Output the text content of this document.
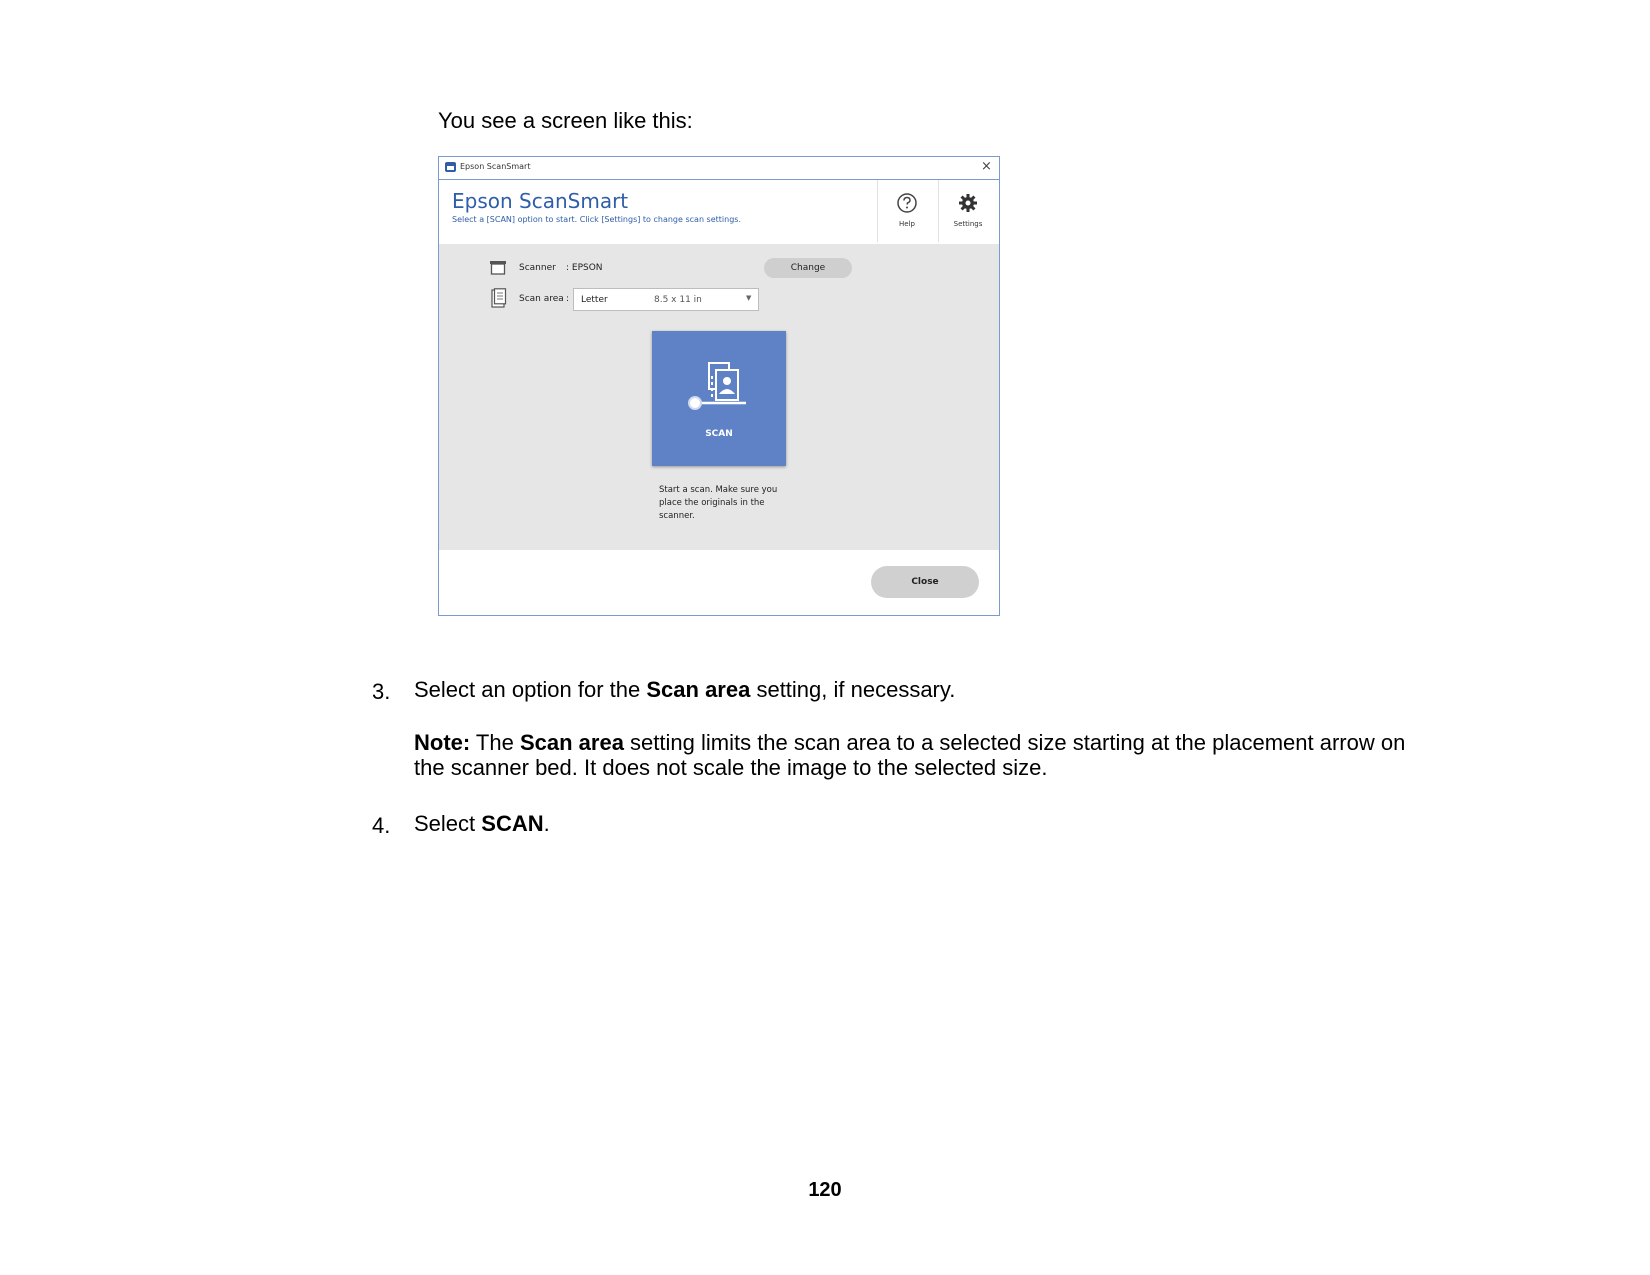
You see a screen like this:
Epson ScanSmart	×
Epson ScanSmart
Select a [SCAN] option to start. Click [Settings] to change scan settings.	Help	Settings
Scanner : EPSON	Change
Scan area : Letter	8.5 x 11 in	▼
SCAN
Start a scan. Make sure you place the originals in the scanner.
Close
3. Select an option for the Scan area setting, if necessary.
Note: The Scan area setting limits the scan area to a selected size starting at the placement arrow on the scanner bed. It does not scale the image to the selected size.
4. Select SCAN.
120
